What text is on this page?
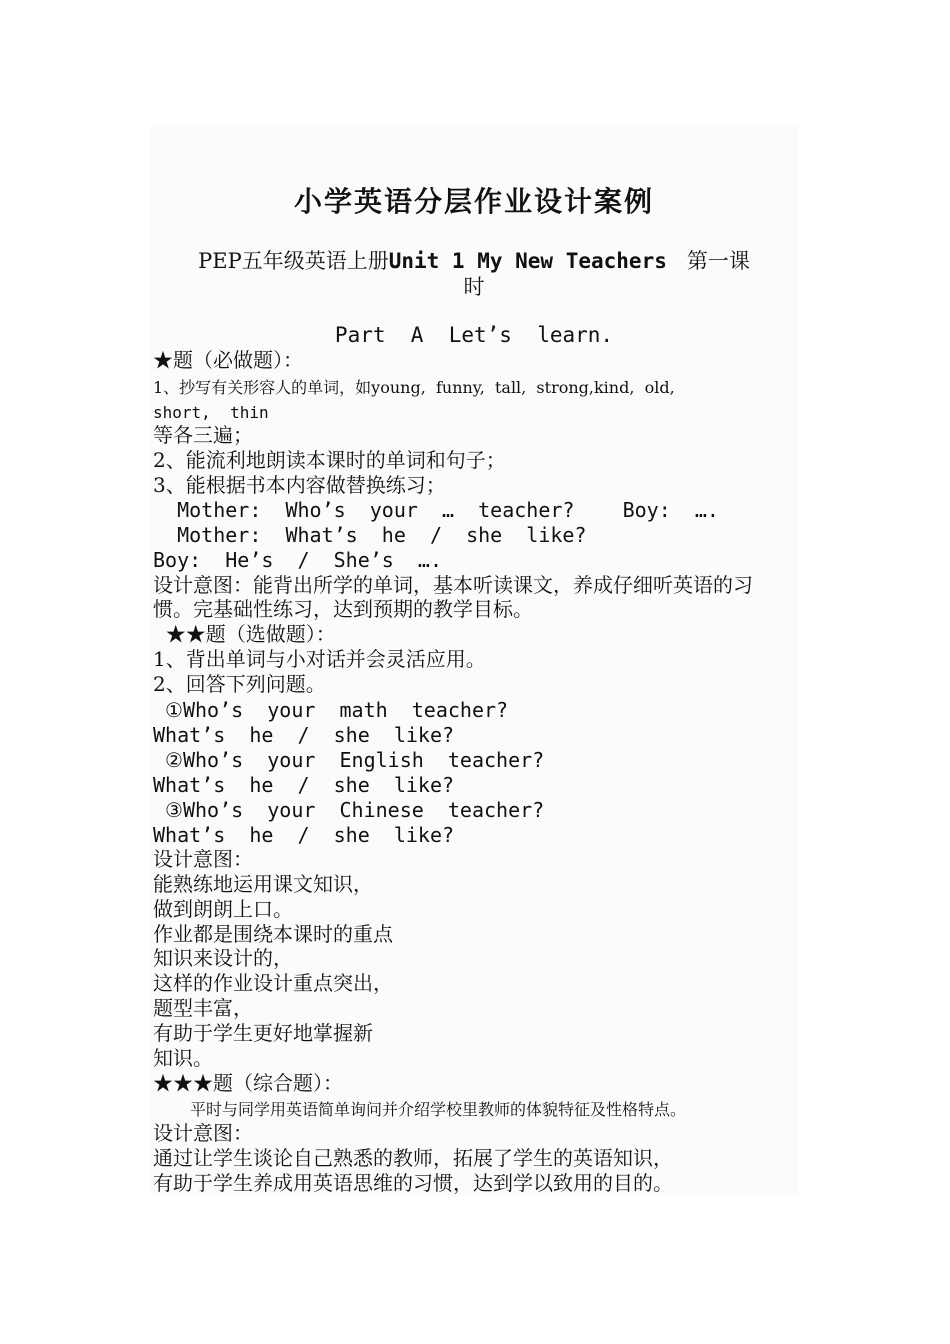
小学英语分层作业设计案例
PEP五年级英语上册Unit 1 My New Teachers 第一课
时
Part  A  Let’s  learn.
★题（必做题）：
1、抄写有关形容人的单词，如young,  funny,  tall,  strong,kind,  old,
short,  thin
等各三遍；
2、能流利地朗读本课时的单词和句子；
3、能根据书本内容做替换练习；
Mother:  Who’s  your  …  teacher?    Boy:  ….
Mother:  What’s  he  /  she  like?
Boy:  He’s  /  She’s  ….
设计意图：能背出所学的单词，基本听读课文，养成仔细听英语的习
惯。完基础性练习，达到预期的教学目标。
★★题（选做题）：
1、背出单词与小对话并会灵活应用。
2、回答下列问题。
①Who’s  your  math  teacher?
What’s  he  /  she  like?
②Who’s  your  English  teacher?
What’s  he  /  she  like?
③Who’s  your  Chinese  teacher?
What’s  he  /  she  like?
设计意图：
能熟练地运用课文知识，
做到朗朗上口。
作业都是围绕本课时的重点
知识来设计的，
这样的作业设计重点突出，
题型丰富，
有助于学生更好地掌握新
知识。
★★★题（综合题）：
平时与同学用英语简单询问并介绍学校里教师的体貌特征及性格特点。
设计意图：
通过让学生谈论自己熟悉的教师，拓展了学生的英语知识，
有助于学生养成用英语思维的习惯，达到学以致用的目的。
